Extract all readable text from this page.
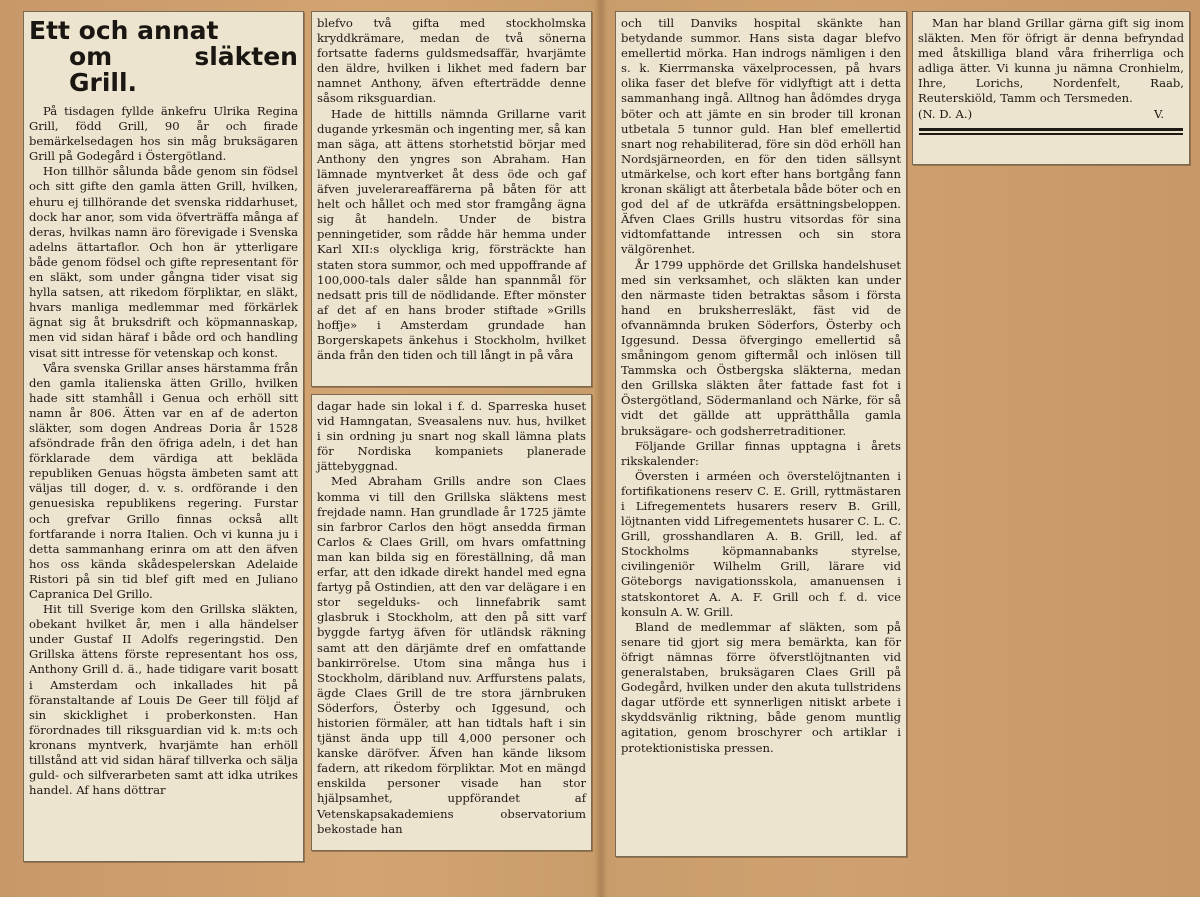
Ett och annat
om släkten Grill.

På tisdagen fyllde änkefru Ulrika Regina Grill, född Grill, 90 år och firade bemärkelsedagen hos sin måg bruksägaren Grill på Godegård i Östergötland.

Hon tillhör sålunda både genom sin födsel och sitt gifte den gamla ätten Grill, hvilken, ehuru ej tillhörande det svenska riddarhuset, dock har anor, som vida öfverträffa många af deras, hvilkas namn äro förevigade i Svenska adelns ättartaflor. Och hon är ytterligare både genom födsel och gifte representant för en släkt, som under gångna tider visat sig hylla satsen, att rikedom förpliktar, en släkt, hvars manliga medlemmar med förkärlek ägnat sig åt bruksdrift och köpmannaskap, men vid sidan häraf i både ord och handling visat sitt intresse för vetenskap och konst.

Våra svenska Grillar anses härstamma från den gamla italienska ätten Grillo, hvilken hade sitt stamhåll i Genua och erhöll sitt namn år 806. Ätten var en af de aderton släkter, som dogen Andreas Doria år 1528 afsöndrade från den öfriga adeln, i det han förklarade dem värdiga att bekläda republiken Genuas högsta ämbeten samt att väljas till doger, d. v. s. ordförande i den genuesiska republikens regering. Furstar och grefvar Grillo finnas också allt fortfarande i norra Italien. Och vi kunna ju i detta sammanhang erinra om att den äfven hos oss kända skådespelerskan Adelaide Ristori på sin tid blef gift med en Juliano Capranica Del Grillo.

Hit till Sverige kom den Grillska släkten, obekant hvilket år, men i alla händelser under Gustaf II Adolfs regeringstid. Den Grillska ättens förste representant hos oss, Anthony Grill d. ä., hade tidigare varit bosatt i Amsterdam och inkallades hit på föranstaltande af Louis De Geer till följd af sin skicklighet i proberkonsten. Han förordnades till riksguardian vid k. m:ts och kronans myntverk, hvarjämte han erhöll tillstånd att vid sidan häraf tillverka och sälja guld- och silfverarbeten samt att idka utrikes handel. Af hans döttrar

blefvo två gifta med stockholmska kryddkrämare, medan de två sönerna fortsatte faderns guldsmedsaffär, hvarjämte den äldre, hvilken i likhet med fadern bar namnet Anthony, äfven efterträdde denne såsom riksguardian.

Hade de hittills nämnda Grillarne varit dugande yrkesmän och ingenting mer, så kan man säga, att ättens storhetstid börjar med Anthony den yngres son Abraham. Han lämnade myntverket åt dess öde och gaf äfven juvelerareaffärerna på båten för att helt och hållet och med stor framgång ägna sig åt handeln. Under de bistra penningetider, som rådde här hemma under Karl XII:s olyckliga krig, försträckte han staten stora summor, och med uppoffrande af 100,000-tals daler sålde han spannmål för nedsatt pris till de nödlidande. Efter mönster af det af en hans broder stiftade »Grills hoffje» i Amsterdam grundade han Borgerskapets änkehus i Stockholm, hvilket ända från den tiden och till långt in på våra

dagar hade sin lokal i f. d. Sparreska huset vid Hamngatan, Sveasalens nuv. hus, hvilket i sin ordning ju snart nog skall lämna plats för Nordiska kompaniets planerade jättebyggnad.

Med Abraham Grills andre son Claes komma vi till den Grillska släktens mest frejdade namn. Han grundlade år 1725 jämte sin farbror Carlos den högt ansedda firman Carlos & Claes Grill, om hvars omfattning man kan bilda sig en föreställning, då man erfar, att den idkade direkt handel med egna fartyg på Ostindien, att den var delägare i en stor segelduks- och linnefabrik samt glasbruk i Stockholm, att den på sitt varf byggde fartyg äfven för utländsk räkning samt att den därjämte dref en omfattande bankirrörelse. Utom sina många hus i Stockholm, däribland nuv. Arffurstens palats, ägde Claes Grill de tre stora järnbruken Söderfors, Österby och Iggesund, och historien förmäler, att han tidtals haft i sin tjänst ända upp till 4,000 personer och kanske däröfver. Äfven han kände liksom fadern, att rikedom förpliktar. Mot en mängd enskilda personer visade han stor hjälpsamhet, uppförandet af Vetenskapsakademiens observatorium bekostade han

och till Danviks hospital skänkte han betydande summor. Hans sista dagar blefvo emellertid mörka. Han indrogs nämligen i den s. k. Kierrmanska växelprocessen, på hvars olika faser det blefve för vidlyftigt att i detta sammanhang ingå. Alltnog han ådömdes dryga böter och att jämte en sin broder till kronan utbetala 5 tunnor guld. Han blef emellertid snart nog rehabiliterad, före sin död erhöll han Nordsjärneorden, en för den tiden sällsynt utmärkelse, och kort efter hans bortgång fann kronan skäligt att återbetala både böter och en god del af de utkräfda ersättningsbeloppen. Äfven Claes Grills hustru vitsordas för sina vidtomfattande intressen och sin stora välgörenhet.

År 1799 upphörde det Grillska handelshuset med sin verksamhet, och släkten kan under den närmaste tiden betraktas såsom i första hand en bruksherresläkt, fäst vid de ofvannämnda bruken Söderfors, Österby och Iggesund. Dessa öfvergingo emellertid så småningom genom giftermål och inlösen till Tammska och Östbergska släkterna, medan den Grillska släkten åter fattade fast fot i Östergötland, Södermanland och Närke, för så vidt det gällde att upprätthålla gamla bruksägare- och godsherretraditioner.

Följande Grillar finnas upptagna i årets rikskalender:

Översten i arméen och överstelöjtnanten i fortifikationens reserv C. E. Grill, ryttmästaren i Lifregementets husarers reserv B. Grill, löjtnanten vidd Lifregementets husarer C. L. C. Grill, grosshandlaren A. B. Grill, led. af Stockholms köpmannabanks styrelse, civilingeniör Wilhelm Grill, lärare vid Göteborgs navigationsskola, amanuensen i statskontoret A. A. F. Grill och f. d. vice konsuln A. W. Grill.

Bland de medlemmar af släkten, som på senare tid gjort sig mera bemärkta, kan för öfrigt nämnas förre öfverstlöjtnanten vid generalstaben, bruksägaren Claes Grill på Godegård, hvilken under den akuta tullstridens dagar utförde ett synnerligen nitiskt arbete i skyddsvänlig riktning, både genom muntlig agitation, genom broschyrer och artiklar i protektionistiska pressen.

Man har bland Grillar gärna gift sig inom släkten. Men för öfrigt är denna befryndad med åtskilliga bland våra friherrliga och adliga ätter. Vi kunna ju nämna Cronhielm, Ihre, Lorichs, Nordenfelt, Raab, Reuterskiöld, Tamm och Tersmeden.

(N. D. A.)	V.
